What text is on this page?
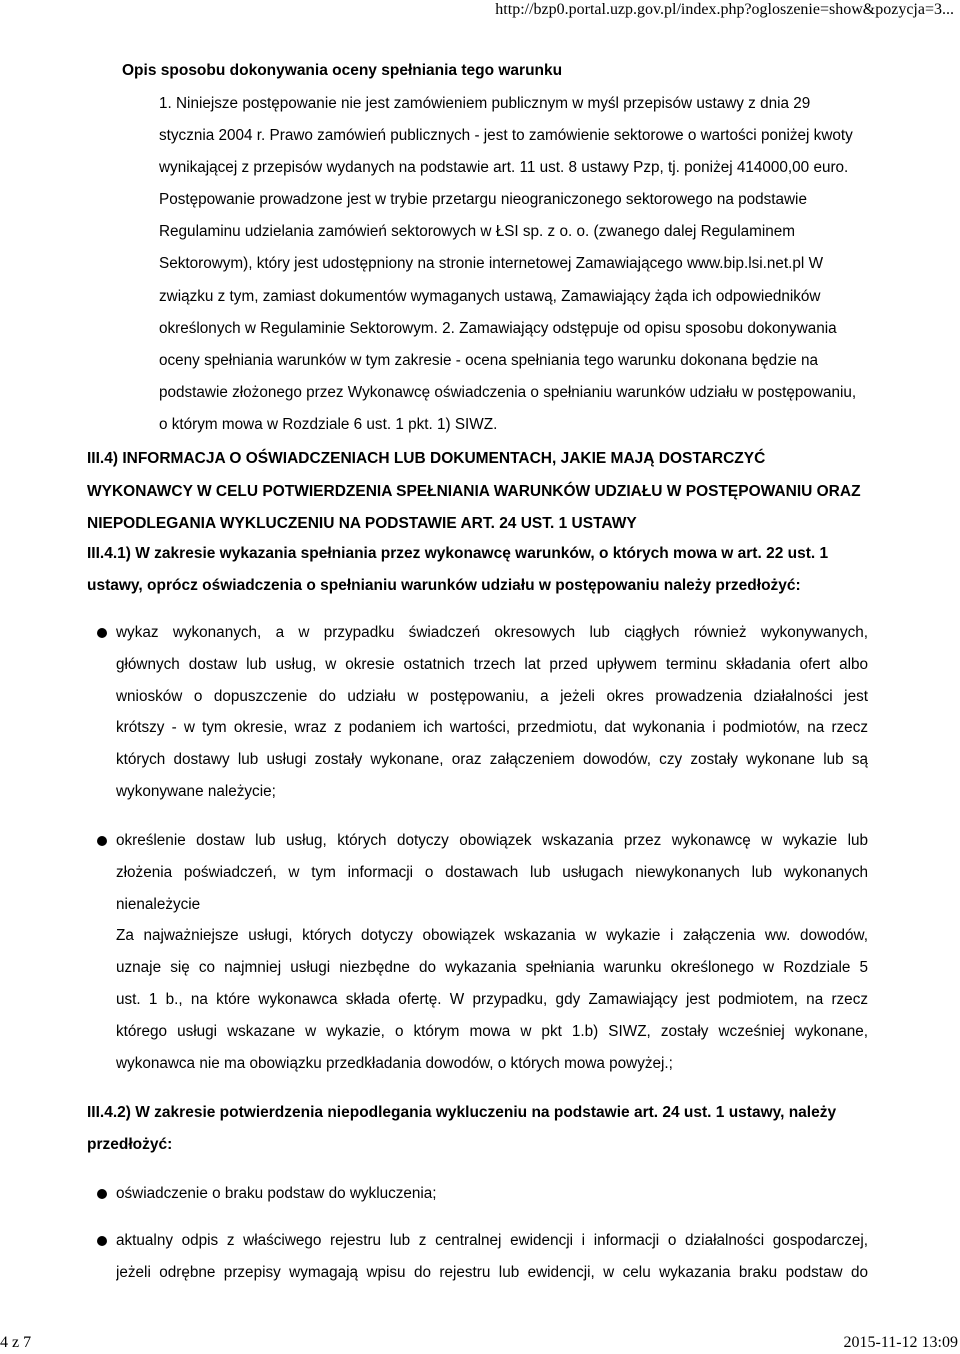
http://bzp0.portal.uzp.gov.pl/index.php?ogloszenie=show&pozycja=3...
Opis sposobu dokonywania oceny spełniania tego warunku
1. Niniejsze postępowanie nie jest zamówieniem publicznym w myśl przepisów ustawy z dnia 29
stycznia 2004 r. Prawo zamówień publicznych - jest to zamówienie sektorowe o wartości poniżej kwoty
wynikającej z przepisów wydanych na podstawie art. 11 ust. 8 ustawy Pzp, tj. poniżej 414000,00 euro.
Postępowanie prowadzone jest w trybie przetargu nieograniczonego sektorowego na podstawie
Regulaminu udzielania zamówień sektorowych w ŁSI sp. z o. o. (zwanego dalej Regulaminem
Sektorowym), który jest udostępniony na stronie internetowej Zamawiającego www.bip.lsi.net.pl W
związku z tym, zamiast dokumentów wymaganych ustawą, Zamawiający żąda ich odpowiedników
określonych w Regulaminie Sektorowym. 2. Zamawiający odstępuje od opisu sposobu dokonywania
oceny spełniania warunków w tym zakresie - ocena spełniania tego warunku dokonana będzie na
podstawie złożonego przez Wykonawcę oświadczenia o spełnianiu warunków udziału w postępowaniu,
o którym mowa w Rozdziale 6 ust. 1 pkt. 1) SIWZ.
III.4) INFORMACJA O OŚWIADCZENIACH LUB DOKUMENTACH, JAKIE MAJĄ DOSTARCZYĆ
WYKONAWCY W CELU POTWIERDZENIA SPEŁNIANIA WARUNKÓW UDZIAŁU W POSTĘPOWANIU ORAZ
NIEPODLEGANIA WYKLUCZENIU NA PODSTAWIE ART. 24 UST. 1 USTAWY
III.4.1) W zakresie wykazania spełniania przez wykonawcę warunków, o których mowa w art. 22 ust. 1
ustawy, oprócz oświadczenia o spełnianiu warunków udziału w postępowaniu należy przedłożyć:
wykaz wykonanych, a w przypadku świadczeń okresowych lub ciągłych również wykonywanych,
głównych dostaw lub usług, w okresie ostatnich trzech lat przed upływem terminu składania ofert albo
wniosków o dopuszczenie do udziału w postępowaniu, a jeżeli okres prowadzenia działalności jest
krótszy - w tym okresie, wraz z podaniem ich wartości, przedmiotu, dat wykonania i podmiotów, na rzecz
których dostawy lub usługi zostały wykonane, oraz załączeniem dowodów, czy zostały wykonane lub są
wykonywane należycie;
określenie dostaw lub usług, których dotyczy obowiązek wskazania przez wykonawcę w wykazie lub
złożenia poświadczeń, w tym informacji o dostawach lub usługach niewykonanych lub wykonanych
nienależycie
Za najważniejsze usługi, których dotyczy obowiązek wskazania w wykazie i załączenia ww. dowodów,
uznaje się co najmniej usługi niezbędne do wykazania spełniania warunku określonego w Rozdziale 5
ust. 1 b., na które wykonawca składa ofertę. W przypadku, gdy Zamawiający jest podmiotem, na rzecz
którego usługi wskazane w wykazie, o którym mowa w pkt 1.b) SIWZ, zostały wcześniej wykonane,
wykonawca nie ma obowiązku przedkładania dowodów, o których mowa powyżej.;
III.4.2) W zakresie potwierdzenia niepodlegania wykluczeniu na podstawie art. 24 ust. 1 ustawy, należy
przedłożyć:
oświadczenie o braku podstaw do wykluczenia;
aktualny odpis z właściwego rejestru lub z centralnej ewidencji i informacji o działalności gospodarczej,
jeżeli odrębne przepisy wymagają wpisu do rejestru lub ewidencji, w celu wykazania braku podstaw do
4 z 7	2015-11-12 13:09
